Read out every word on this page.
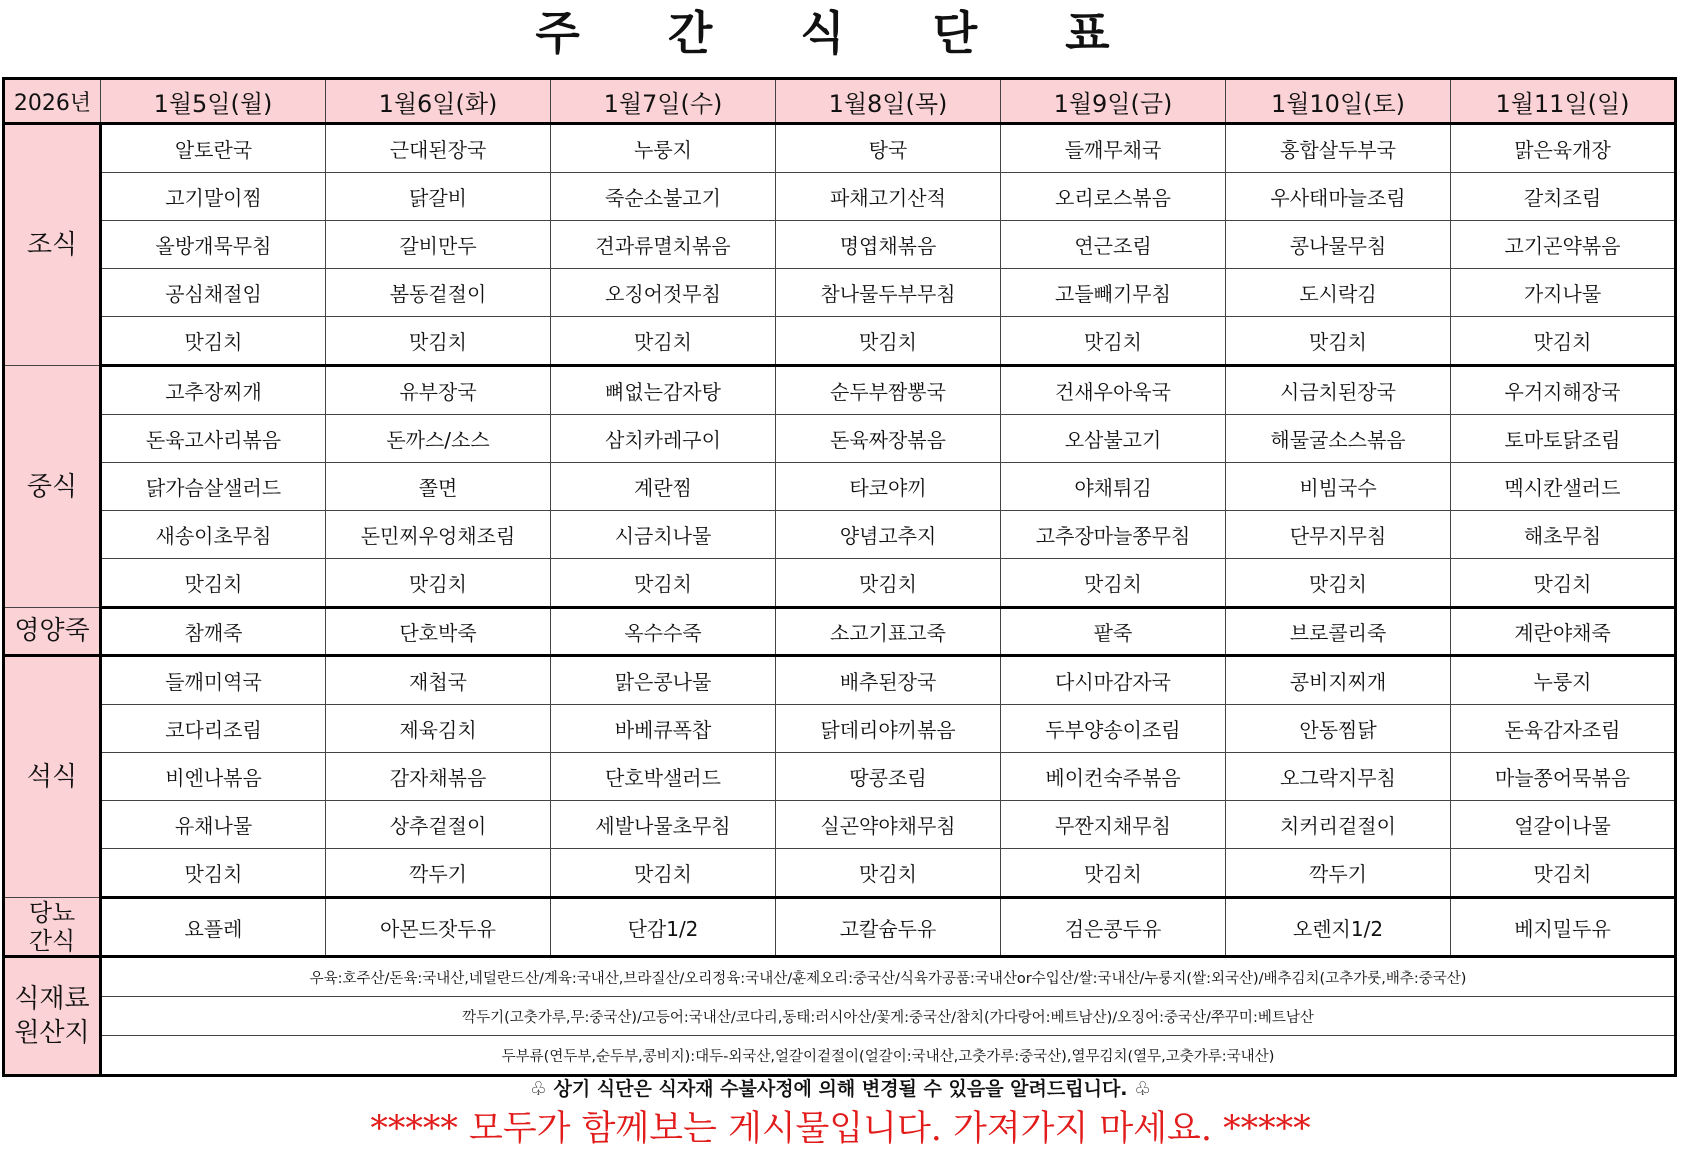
주 간 식 단 표
2026년	1월5일(월)	1월6일(화)	1월7일(수)	1월8일(목)	1월9일(금)	1월10일(토)	1월11일(일)
조식	알토란국	근대된장국	누룽지	탕국	들깨무채국	홍합살두부국	맑은육개장
	고기말이찜	닭갈비	죽순소불고기	파채고기산적	오리로스볶음	우사태마늘조림	갈치조림
	올방개묵무침	갈비만두	견과류멸치볶음	명엽채볶음	연근조림	콩나물무침	고기곤약볶음
	공심채절임	봄동겉절이	오징어젓무침	참나물두부무침	고들빼기무침	도시락김	가지나물
	맛김치	맛김치	맛김치	맛김치	맛김치	맛김치	맛김치
중식	고추장찌개	유부장국	뼈없는감자탕	순두부짬뽕국	건새우아욱국	시금치된장국	우거지해장국
	돈육고사리볶음	돈까스/소스	삼치카레구이	돈육짜장볶음	오삼불고기	해물굴소스볶음	토마토닭조림
	닭가슴살샐러드	쫄면	계란찜	타코야끼	야채튀김	비빔국수	멕시칸샐러드
	새송이초무침	돈민찌우엉채조림	시금치나물	양념고추지	고추장마늘쫑무침	단무지무침	해초무침
	맛김치	맛김치	맛김치	맛김치	맛김치	맛김치	맛김치
영양죽	참깨죽	단호박죽	옥수수죽	소고기표고죽	팥죽	브로콜리죽	계란야채죽
석식	들깨미역국	재첩국	맑은콩나물	배추된장국	다시마감자국	콩비지찌개	누룽지
	코다리조림	제육김치	바베큐폭찹	닭데리야끼볶음	두부양송이조림	안동찜닭	돈육감자조림
	비엔나볶음	감자채볶음	단호박샐러드	땅콩조림	베이컨숙주볶음	오그락지무침	마늘쫑어묵볶음
	유채나물	상추겉절이	세발나물초무침	실곤약야채무침	무짠지채무침	치커리겉절이	얼갈이나물
	맛김치	깍두기	맛김치	맛김치	맛김치	깍두기	맛김치

당뇨
간식	요플레	아몬드잣두유	단감1/2	고칼슘두유	검은콩두유	오렌지1/2	베지밀두유

식재료
원산지	우육:호주산/돈육:국내산,네덜란드산/계육:국내산,브라질산/오리정육:국내산/훈제오리:중국산/식육가공품:국내산or수입산/쌀:국내산/누룽지(쌀:외국산)/배추김치(고추가룻,배추:중국산)						
	깍두기(고춧가루,무:중국산)/고등어:국내산/코다리,동태:러시아산/꽃게:중국산/참치(가다랑어:베트남산)/오징어:중국산/쭈꾸미:베트남산						
	두부류(연두부,순두부,콩비지):대두-외국산,얼갈이겉절이(얼갈이:국내산,고춧가루:중국산),열무김치(열무,고춧가루:국내산)						
♧ 상기 식단은 식자재 수불사정에 의해 변경될 수 있음을 알려드립니다. ♧
***** 모두가 함께보는 게시물입니다. 가져가지 마세요. *****
